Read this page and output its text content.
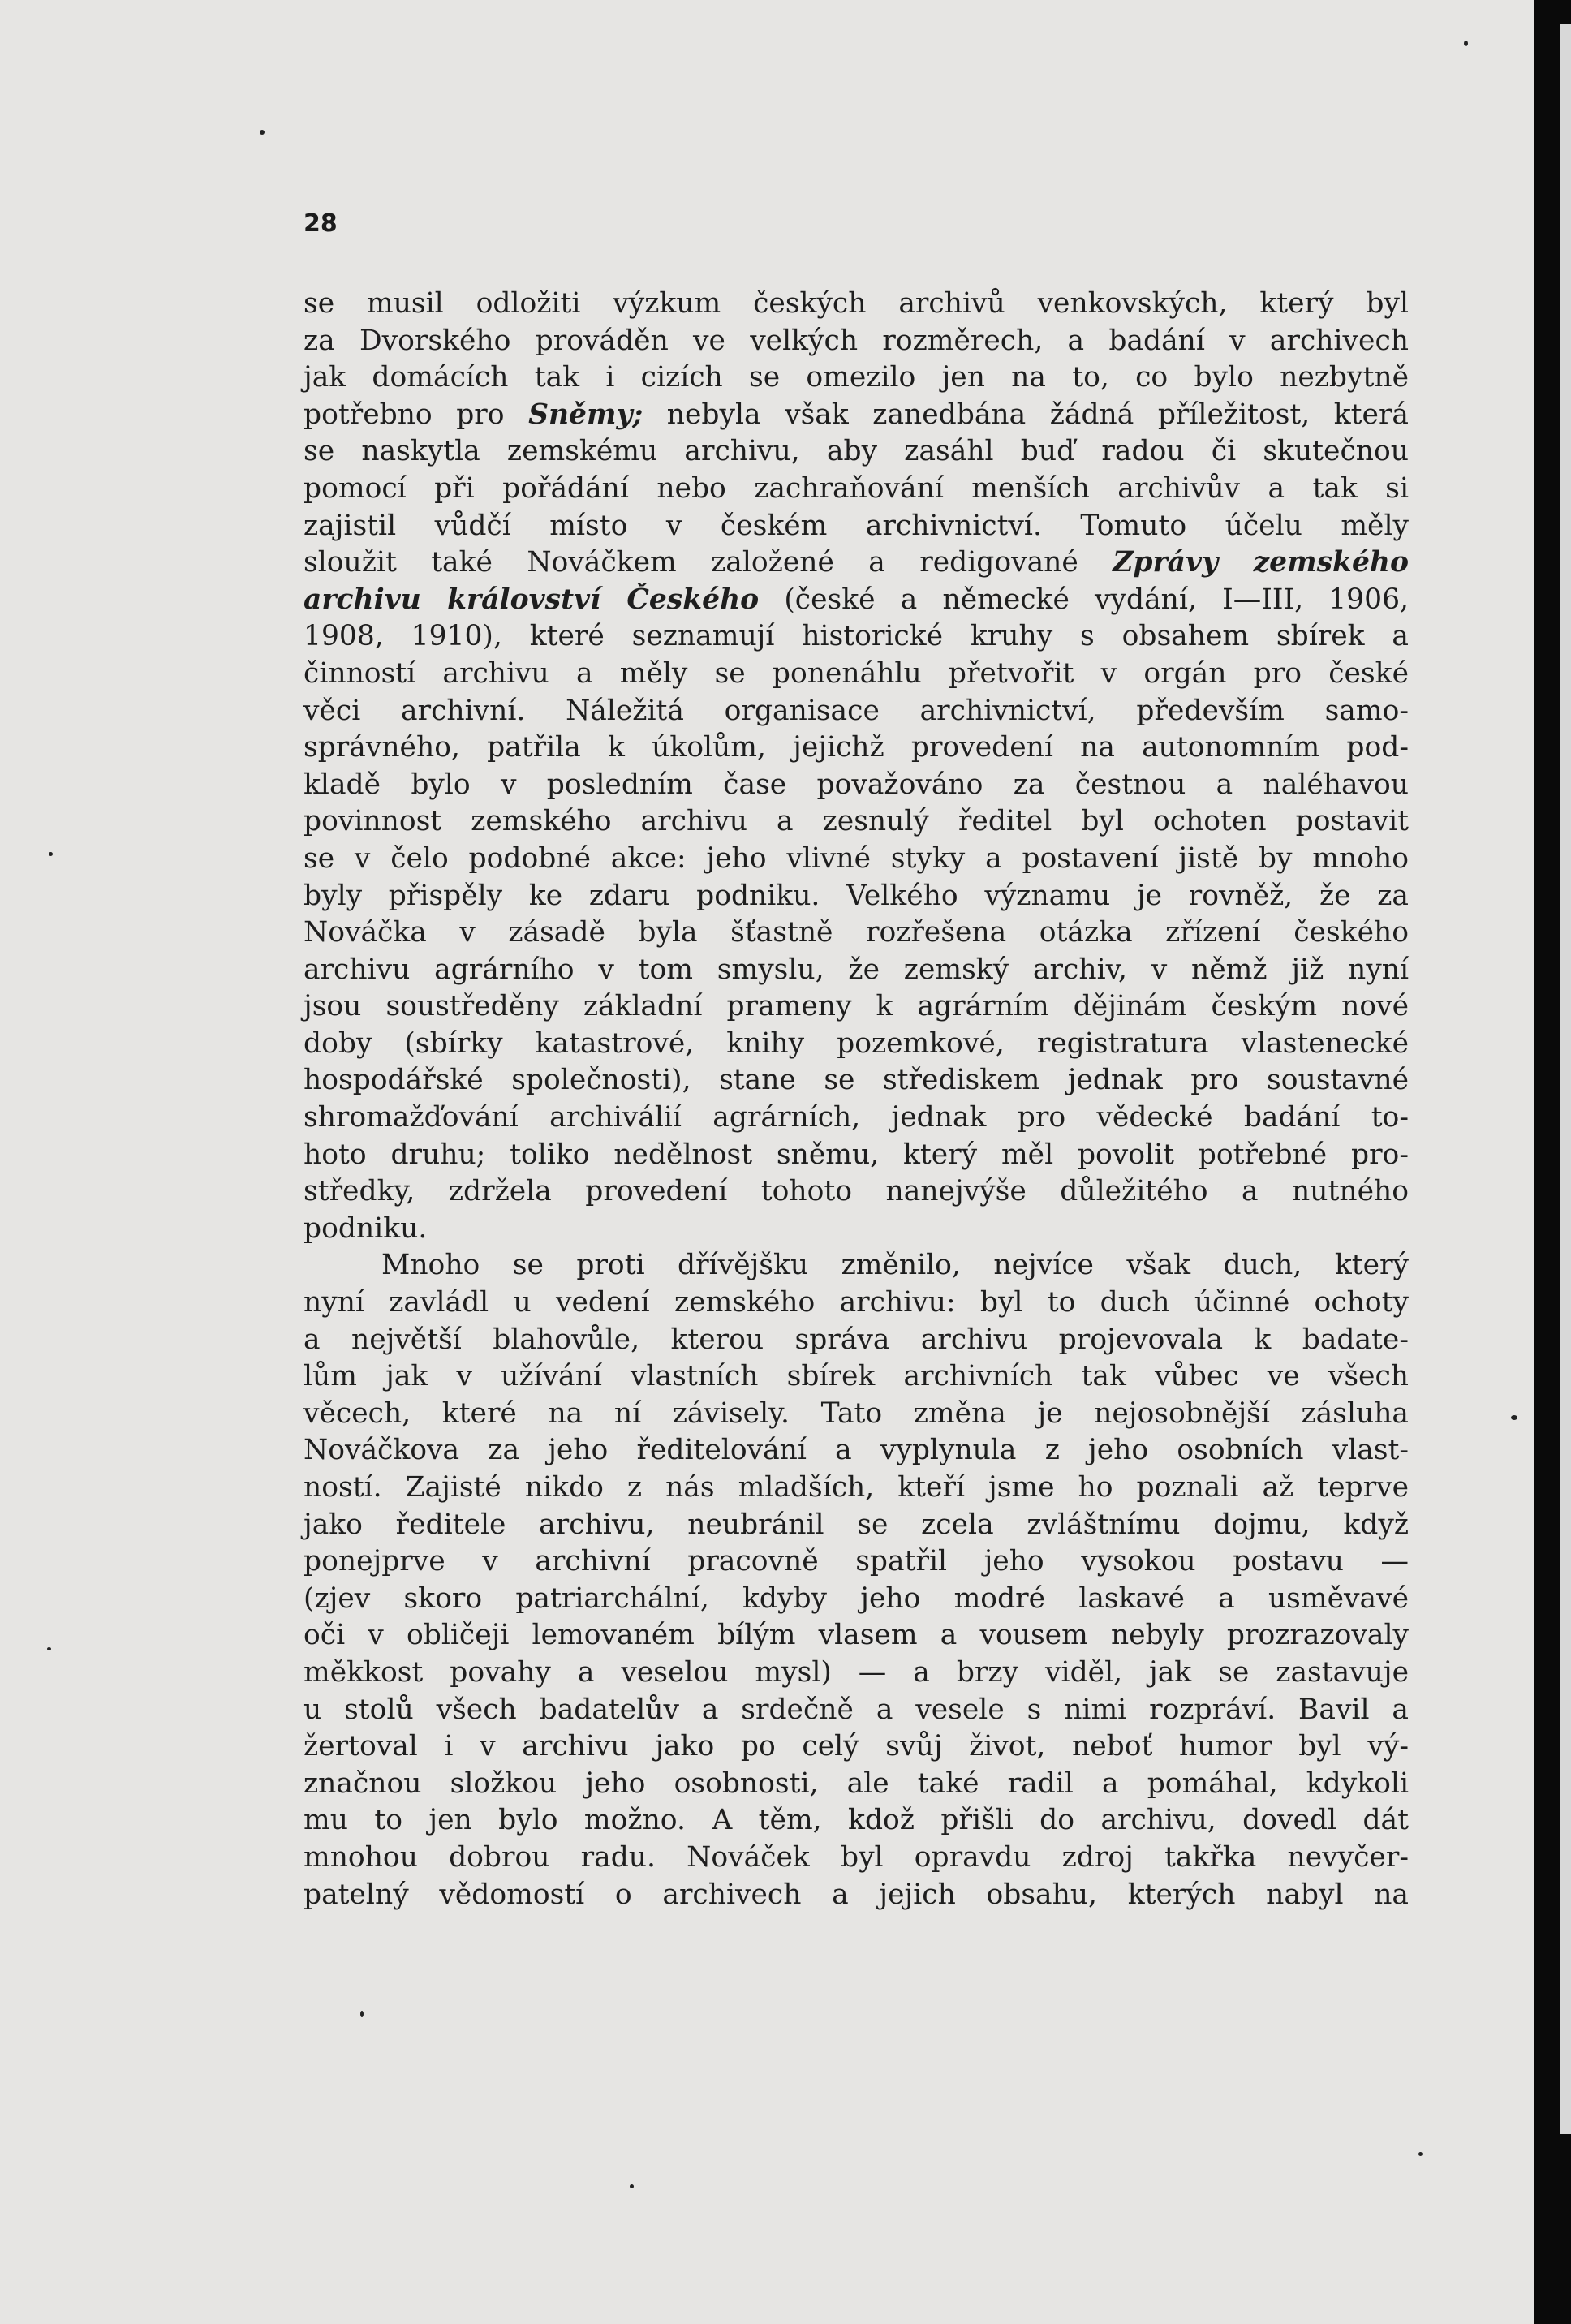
28
se musil odložiti výzkum českých archivů venkovských, který byl
za Dvorského prováděn ve velkých rozměrech, a badání v archivech
jak domácích tak i cizích se omezilo jen na to, co bylo nezbytně
potřebno pro Sněmy; nebyla však zanedbána žádná příležitost, která
se naskytla zemskému archivu, aby zasáhl buď radou či skutečnou
pomocí při pořádání nebo zachraňování menších archivův a tak si
zajistil vůdčí místo v českém archivnictví. Tomuto účelu měly
sloužit také Nováčkem založené a redigované Zprávy zemského
archivu království Českého (české a německé vydání, I—III, 1906,
1908, 1910), které seznamují historické kruhy s obsahem sbírek a
činností archivu a měly se ponenáhlu přetvořit v orgán pro české
věci archivní. Náležitá organisace archivnictví, především samo-
správného, patřila k úkolům, jejichž provedení na autonomním pod-
kladě bylo v posledním čase považováno za čestnou a naléhavou
povinnost zemského archivu a zesnulý ředitel byl ochoten postavit
se v čelo podobné akce: jeho vlivné styky a postavení jistě by mnoho
byly přispěly ke zdaru podniku. Velkého významu je rovněž, že za
Nováčka v zásadě byla šťastně rozřešena otázka zřízení českého
archivu agrárního v tom smyslu, že zemský archiv, v němž již nyní
jsou soustředěny základní prameny k agrárním dějinám českým nové
doby (sbírky katastrové, knihy pozemkové, registratura vlastenecké
hospodářské společnosti), stane se střediskem jednak pro soustavné
shromažďování archiválií agrárních, jednak pro vědecké badání to-
hoto druhu; toliko nedělnost sněmu, který měl povolit potřebné pro-
středky, zdržela provedení tohoto nanejvýše důležitého a nutného
podniku.
Mnoho se proti dřívějšku změnilo, nejvíce však duch, který
nyní zavládl u vedení zemského archivu: byl to duch účinné ochoty
a největší blahovůle, kterou správa archivu projevovala k badate-
lům jak v užívání vlastních sbírek archivních tak vůbec ve všech
věcech, které na ní závisely. Tato změna je nejosobnější zásluha
Nováčkova za jeho ředitelování a vyplynula z jeho osobních vlast-
ností. Zajisté nikdo z nás mladších, kteří jsme ho poznali až teprve
jako ředitele archivu, neubránil se zcela zvláštnímu dojmu, když
ponejprve v archivní pracovně spatřil jeho vysokou postavu —
(zjev skoro patriarchální, kdyby jeho modré laskavé a usměvavé
oči v obličeji lemovaném bílým vlasem a vousem nebyly prozrazovaly
měkkost povahy a veselou mysl) — a brzy viděl, jak se zastavuje
u stolů všech badatelův a srdečně a vesele s nimi rozpráví. Bavil a
žertoval i v archivu jako po celý svůj život, neboť humor byl vý-
značnou složkou jeho osobnosti, ale také radil a pomáhal, kdykoli
mu to jen bylo možno. A těm, kdož přišli do archivu, dovedl dát
mnohou dobrou radu. Nováček byl opravdu zdroj takřka nevyčer-
patelný vědomostí o archivech a jejich obsahu, kterých nabyl na
